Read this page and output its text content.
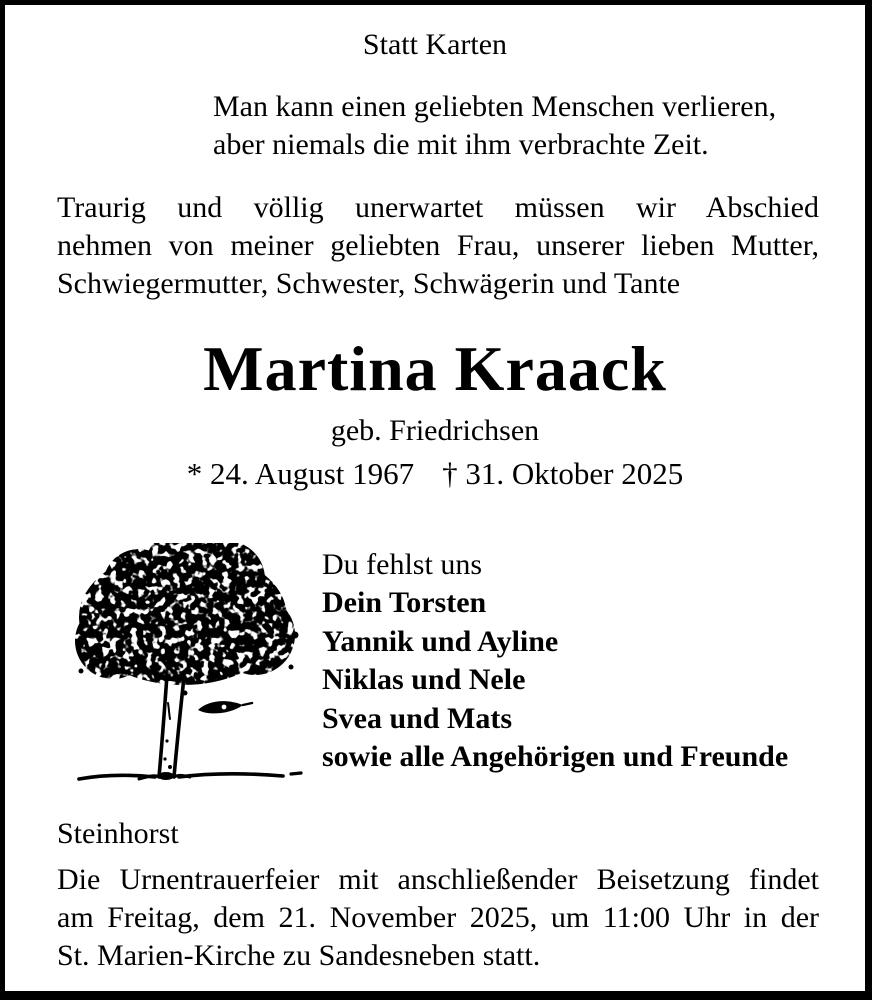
Statt Karten
Man kann einen geliebten Menschen verlieren,
aber niemals die mit ihm verbrachte Zeit.
Traurig und völlig unerwartet müssen wir Abschied
nehmen von meiner geliebten Frau, unserer lieben Mutter,
Schwiegermutter, Schwester, Schwägerin und Tante
Martina Kraack
geb. Friedrichsen
* 24. August 1967 † 31. Oktober 2025
Du fehlst uns
Dein Torsten
Yannik und Ayline
Niklas und Nele
Svea und Mats
sowie alle Angehörigen und Freunde
Steinhorst
Die Urnentrauerfeier mit anschließender Beisetzung findet
am Freitag, dem 21. November 2025, um 11:00 Uhr in der
St. Marien-Kirche zu Sandesneben statt.
